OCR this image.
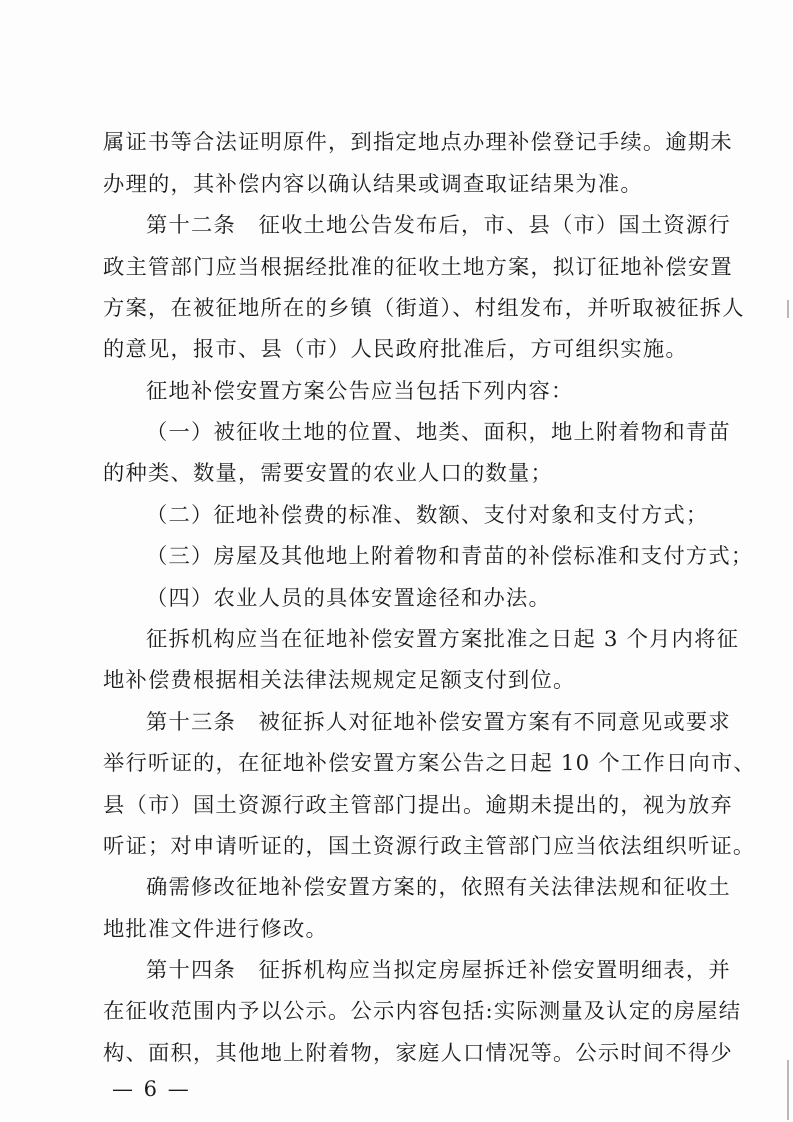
属证书等合法证明原件，到指定地点办理补偿登记手续。逾期未
办理的，其补偿内容以确认结果或调查取证结果为准。
第十二条　征收土地公告发布后，市、县（市）国土资源行
政主管部门应当根据经批准的征收土地方案，拟订征地补偿安置
方案，在被征地所在的乡镇（街道）、村组发布，并听取被征拆人
的意见，报市、县（市）人民政府批准后，方可组织实施。
征地补偿安置方案公告应当包括下列内容：
（一）被征收土地的位置、地类、面积，地上附着物和青苗
的种类、数量，需要安置的农业人口的数量；
（二）征地补偿费的标准、数额、支付对象和支付方式；
（三）房屋及其他地上附着物和青苗的补偿标准和支付方式；
（四）农业人员的具体安置途径和办法。
征拆机构应当在征地补偿安置方案批准之日起 3 个月内将征
地补偿费根据相关法律法规规定足额支付到位。
第十三条　被征拆人对征地补偿安置方案有不同意见或要求
举行听证的，在征地补偿安置方案公告之日起 10 个工作日向市、
县（市）国土资源行政主管部门提出。逾期未提出的，视为放弃
听证；对申请听证的，国土资源行政主管部门应当依法组织听证。
确需修改征地补偿安置方案的，依照有关法律法规和征收土
地批准文件进行修改。
第十四条　征拆机构应当拟定房屋拆迁补偿安置明细表，并
在征收范围内予以公示。公示内容包括:实际测量及认定的房屋结
构、面积，其他地上附着物，家庭人口情况等。公示时间不得少
— 6 —
